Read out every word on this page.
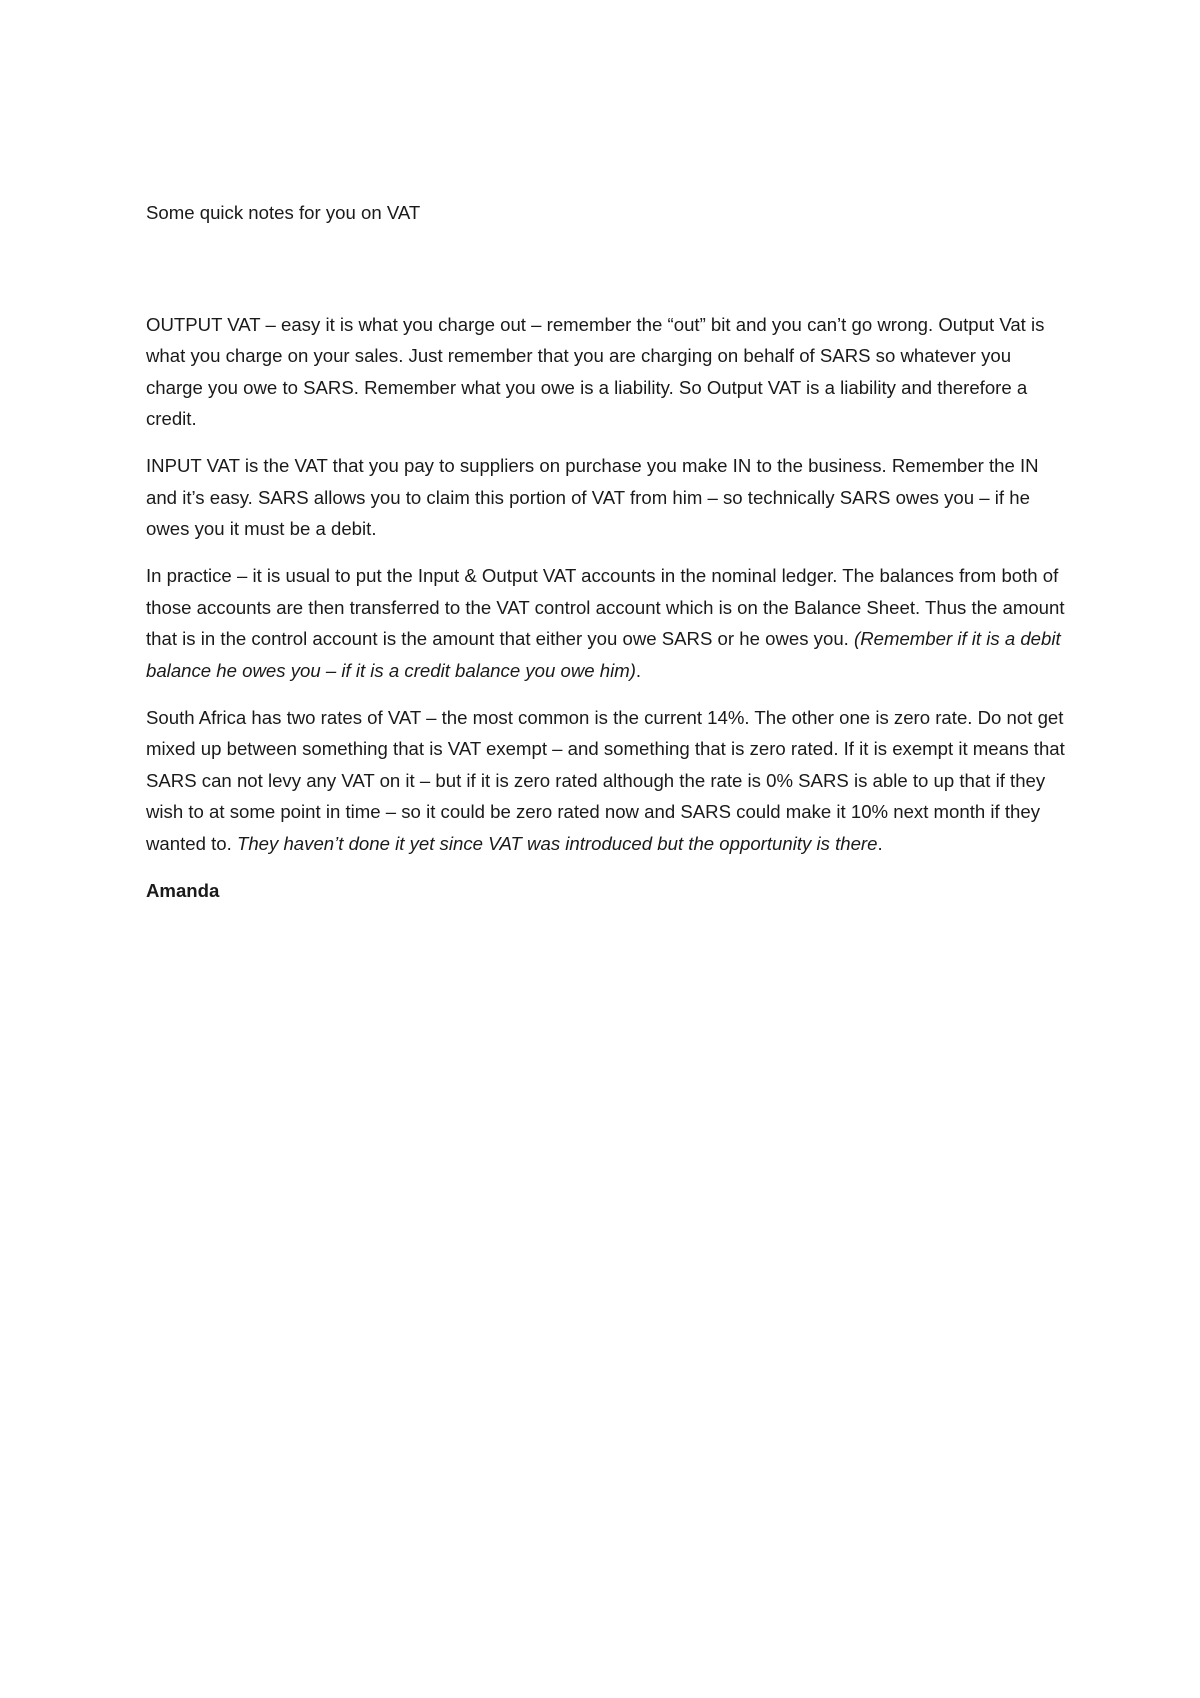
Some quick notes for you on VAT

OUTPUT VAT – easy it is what you charge out – remember the “out” bit and you can’t go wrong. Output Vat is what you charge on your sales. Just remember that you are charging on behalf of SARS so whatever you charge you owe to SARS. Remember what you owe is a liability. So Output VAT is a liability and therefore a credit.

INPUT VAT is the VAT that you pay to suppliers on purchase you make IN to the business. Remember the IN and it’s easy. SARS allows you to claim this portion of VAT from him – so technically SARS owes you – if he owes you it must be a debit.

In practice – it is usual to put the Input & Output VAT accounts in the nominal ledger. The balances from both of those accounts are then transferred to the VAT control account which is on the Balance Sheet. Thus the amount that is in the control account is the amount that either you owe SARS or he owes you. (Remember if it is a debit balance he owes you – if it is a credit balance you owe him).

South Africa has two rates of VAT – the most common is the current 14%. The other one is zero rate. Do not get mixed up between something that is VAT exempt – and something that is zero rated. If it is exempt it means that SARS can not levy any VAT on it – but if it is zero rated although the rate is 0% SARS is able to up that if they wish to at some point in time – so it could be zero rated now and SARS could make it 10% next month if they wanted to. They haven’t done it yet since VAT was introduced but the opportunity is there.

Amanda
